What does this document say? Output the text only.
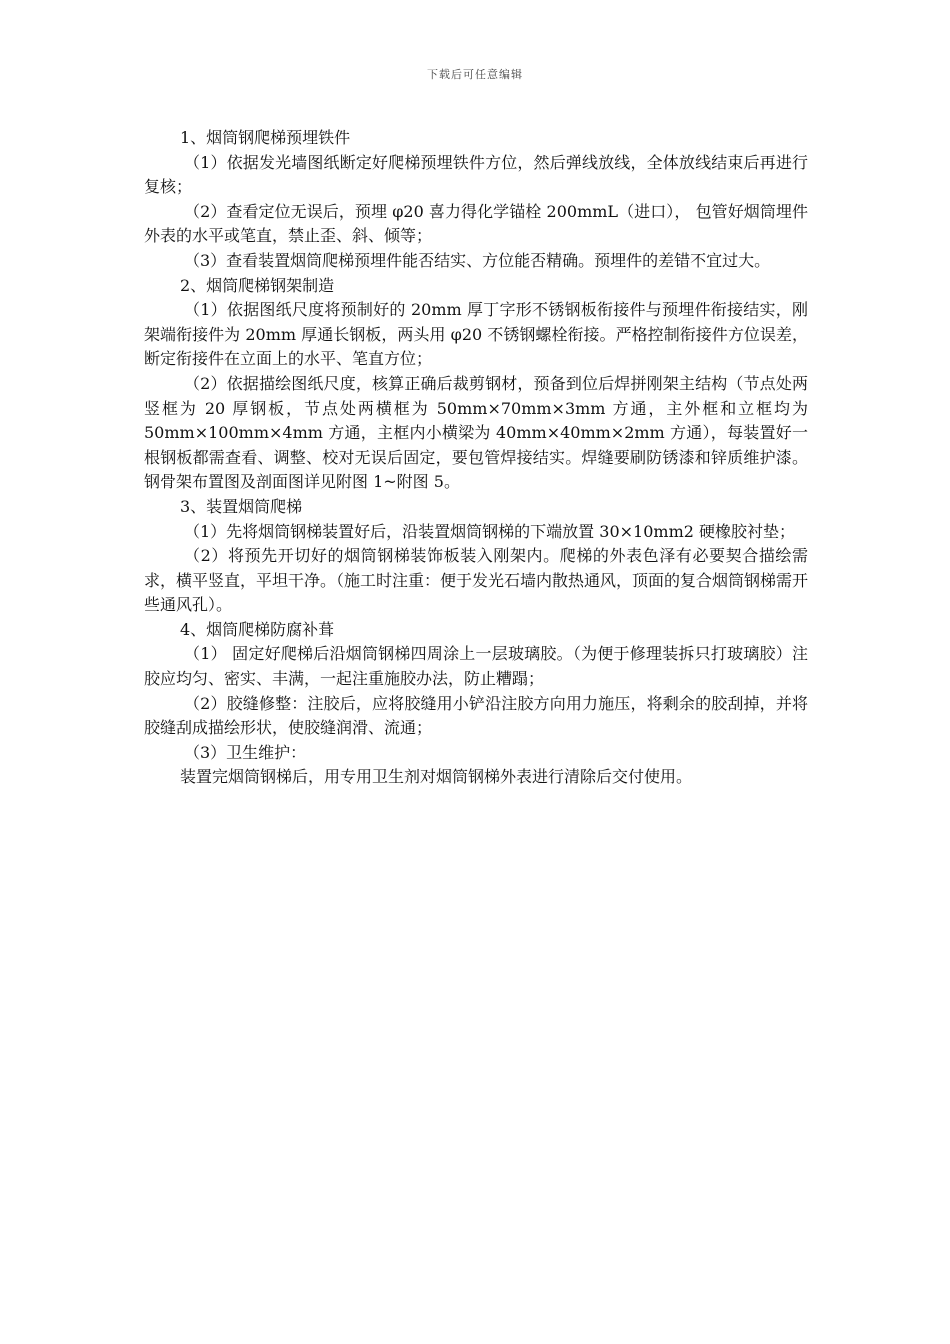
下载后可任意编辑

1、烟筒钢爬梯预埋铁件

（1）依据发光墙图纸断定好爬梯预埋铁件方位，然后弹线放线，全体放线结束后再进行复核；

（2）查看定位无误后，预埋 φ20 喜力得化学锚栓 200mmL（进口）， 包管好烟筒埋件外表的水平或笔直，禁止歪、斜、倾等；

（3）查看装置烟筒爬梯预埋件能否结实、方位能否精确。预埋件的差错不宜过大。

2、烟筒爬梯钢架制造

（1）依据图纸尺度将预制好的 20mm 厚丁字形不锈钢板衔接件与预埋件衔接结实，刚架端衔接件为 20mm 厚通长钢板，两头用 φ20 不锈钢螺栓衔接。严格控制衔接件方位误差，断定衔接件在立面上的水平、笔直方位；

（2）依据描绘图纸尺度，核算正确后裁剪钢材，预备到位后焊拼刚架主结构（节点处两竖框为 20 厚钢板，节点处两横框为 50mm×70mm×3mm 方通，主外框和立框均为 50mm×100mm×4mm 方通，主框内小横梁为 40mm×40mm×2mm 方通），每装置好一根钢板都需查看、调整、校对无误后固定，要包管焊接结实。焊缝要刷防锈漆和锌质维护漆。钢骨架布置图及剖面图详见附图 1~附图 5。

3、装置烟筒爬梯

（1）先将烟筒钢梯装置好后，沿装置烟筒钢梯的下端放置 30×10mm2 硬橡胶衬垫；

（2）将预先开切好的烟筒钢梯装饰板装入刚架内。爬梯的外表色泽有必要契合描绘需求，横平竖直，平坦干净。（施工时注重：便于发光石墙内散热通风，顶面的复合烟筒钢梯需开些通风孔）。

4、烟筒爬梯防腐补葺

（1） 固定好爬梯后沿烟筒钢梯四周涂上一层玻璃胶。（为便于修理装拆只打玻璃胶）注胶应均匀、密实、丰满，一起注重施胶办法，防止糟蹋；

（2）胶缝修整：注胶后，应将胶缝用小铲沿注胶方向用力施压，将剩余的胶刮掉，并将胶缝刮成描绘形状，使胶缝润滑、流通；

（3）卫生维护：

装置完烟筒钢梯后，用专用卫生剂对烟筒钢梯外表进行清除后交付使用。
